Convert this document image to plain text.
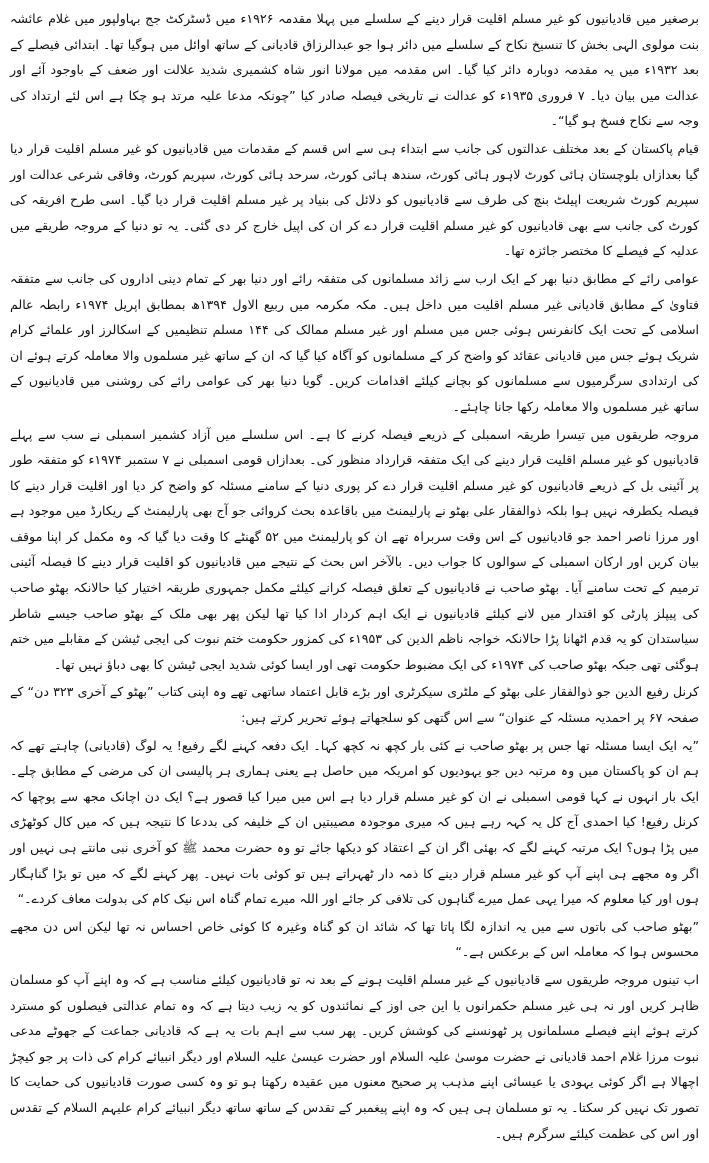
برصغیر میں قادیانیوں کو غیر مسلم اقلیت قرار دینے کے سلسلے میں پہلا مقدمہ ۱۹۲۶ء میں ڈسٹرکٹ جج بہاولپور میں غلام عائشہ بنت مولوی الہی بخش کا تنسیخ نکاح کے سلسلے میں دائر ہوا جو عبدالرزاق قادیانی کے ساتھ اوائل میں ہوگیا تھا۔ ابتدائی فیصلے کے بعد ۱۹۳۲ء میں یہ مقدمہ دوبارہ دائر کیا گیا۔ اس مقدمہ میں مولانا انور شاہ کشمیری شدید علالت اور ضعف کے باوجود آئے اور عدالت میں بیان دیا۔ ۷ فروری ۱۹۳۵ء کو عدالت نے تاریخی فیصلہ صادر کیا ”چونکہ مدعا علیہ مرتد ہو چکا ہے اس لئے ارتداد کی وجہ سے نکاح فسخ ہو گیا“۔

قیام پاکستان کے بعد مختلف عدالتوں کی جانب سے ابتداء ہی سے اس قسم کے مقدمات میں قادیانیوں کو غیر مسلم اقلیت قرار دیا گیا بعدازاں بلوچستان ہائی کورٹ لاہور ہائی کورٹ، سندھ ہائی کورٹ، سرحد ہائی کورٹ، سپریم کورٹ، وفاقی شرعی عدالت اور سپریم کورٹ شریعت اپیلٹ بنچ کی طرف سے قادیانیوں کو دلائل کی بنیاد پر غیر مسلم اقلیت قرار دیا گیا۔ اسی طرح افریقہ کی کورٹ کی جانب سے بھی قادیانیوں کو غیر مسلم اقلیت قرار دے کر ان کی اپیل خارج کر دی گئی۔ یہ تو دنیا کے مروجہ طریقے میں عدلیہ کے فیصلے کا مختصر جائزہ تھا۔

عوامی رائے کے مطابق دنیا بھر کے ایک ارب سے زائد مسلمانوں کی متفقہ رائے اور دنیا بھر کے تمام دینی اداروں کی جانب سے متفقہ فتاویٰ کے مطابق قادیانی غیر مسلم اقلیت میں داخل ہیں۔ مکہ مکرمہ میں ربیع الاول ۱۳۹۴ھ بمطابق اپریل ۱۹۷۴ء رابطہ عالم اسلامی کے تحت ایک کانفرنس ہوئی جس میں مسلم اور غیر مسلم ممالک کی ۱۴۴ مسلم تنظیمیں کے اسکالرز اور علمائے کرام شریک ہوئے جس میں قادیانی عقائد کو واضح کر کے مسلمانوں کو آگاہ کیا گیا کہ ان کے ساتھ غیر مسلموں والا معاملہ کرتے ہوئے ان کی ارتدادی سرگرمیوں سے مسلمانوں کو بچانے کیلئے اقدامات کریں۔ گویا دنیا بھر کی عوامی رائے کی روشنی میں قادیانیوں کے ساتھ غیر مسلموں والا معاملہ رکھا جانا چاہئے۔

مروجہ طریقوں میں تیسرا طریقہ اسمبلی کے ذریعے فیصلہ کرنے کا ہے۔ اس سلسلے میں آزاد کشمیر اسمبلی نے سب سے پہلے قادیانیوں کو غیر مسلم اقلیت قرار دینے کی ایک متفقہ قرارداد منظور کی۔ بعدازاں قومی اسمبلی نے ۷ ستمبر ۱۹۷۴ء کو متفقہ طور پر آئینی بل کے ذریعے قادیانیوں کو غیر مسلم اقلیت قرار دے کر پوری دنیا کے سامنے مسئلہ کو واضح کر دیا اور اقلیت قرار دینے کا فیصلہ یکطرفہ نہیں ہوا بلکہ ذوالفقار علی بھٹو نے پارلیمنٹ میں باقاعدہ بحث کروائی جو آج بھی پارلیمنٹ کے ریکارڈ میں موجود ہے اور مرزا ناصر احمد جو قادیانیوں کے اس وقت سربراہ تھے ان کو پارلیمنٹ میں ۵۲ گھنٹے کا وقت دیا گیا کہ وہ مکمل کر اپنا موقف بیان کریں اور ارکان اسمبلی کے سوالوں کا جواب دیں۔ بالآخر اس بحث کے نتیجے میں قادیانیوں کو اقلیت قرار دینے کا فیصلہ آئینی ترمیم کے تحت سامنے آیا۔ بھٹو صاحب نے قادیانیوں کے تعلق فیصلہ کرانے کیلئے مکمل جمہوری طریقہ اختیار کیا حالانکہ بھٹو صاحب کی پیپلز پارٹی کو اقتدار میں لانے کیلئے قادیانیوں نے ایک اہم کردار ادا کیا تھا لیکن پھر بھی ملک کے بھٹو صاحب جیسے شاطر سیاستدان کو یہ قدم اٹھانا پڑا حالانکہ خواجہ ناظم الدین کی ۱۹۵۳ء کی کمزور حکومت ختم نبوت کی ایجی ٹیشن کے مقابلے میں ختم ہوگئی تھی جبکہ بھٹو صاحب کی ۱۹۷۴ء کی ایک مضبوط حکومت تھی اور ایسا کوئی شدید ایجی ٹیشن کا بھی دباؤ نہیں تھا۔

کرنل رفیع الدین جو ذوالفقار علی بھٹو کے ملٹری سیکرٹری اور بڑے قابل اعتماد ساتھی تھے وہ اپنی کتاب ”بھٹو کے آخری ۳۲۳ دن“ کے صفحہ ۶۷ پر احمدیہ مسئلہ کے عنوان“ سے اس گتھی کو سلجھاتے ہوئے تحریر کرتے ہیں:

”یہ ایک ایسا مسئلہ تھا جس پر بھٹو صاحب نے کئی بار کچھ نہ کچھ کہا۔ ایک دفعہ کہنے لگے رفیع! یہ لوگ (قادیانی) چاہتے تھے کہ ہم ان کو پاکستان میں وہ مرتبہ دیں جو یہودیوں کو امریکہ میں حاصل ہے یعنی ہماری ہر پالیسی ان کی مرضی کے مطابق چلے۔ ایک بار انہوں نے کہا قومی اسمبلی نے ان کو غیر مسلم قرار دیا ہے اس میں میرا کیا قصور ہے؟ ایک دن اچانک مجھ سے پوچھا کہ کرنل رفیع! کیا احمدی آج کل یہ کہہ رہے ہیں کہ میری موجودہ مصیبتیں ان کے خلیفہ کی بددعا کا نتیجہ ہیں کہ میں کال کوٹھڑی میں پڑا ہوں؟ ایک مرتبہ کہنے لگے کہ بھئی اگر ان کے اعتقاد کو دیکھا جائے تو وہ حضرت محمد ﷺ کو آخری نبی مانتے ہی نہیں اور اگر وہ مجھے ہی اپنے آپ کو غیر مسلم قرار دینے کا ذمہ دار ٹھہراتے ہیں تو کوئی بات نہیں۔ پھر کہنے لگے کہ میں تو بڑا گناہگار ہوں اور کیا معلوم کہ میرا یہی عمل میرے گناہوں کی تلافی کر جائے اور اللہ میرے تمام گناہ اس نیک کام کی بدولت معاف کردے۔“

”بھٹو صاحب کی باتوں سے میں یہ اندازہ لگا پاتا تھا کہ شائد ان کو گناہ وغیرہ کا کوئی خاص احساس نہ تھا لیکن اس دن مجھے محسوس ہوا کہ معاملہ اس کے برعکس ہے۔“

اب تینوں مروجہ طریقوں سے قادیانیوں کے غیر مسلم اقلیت ہونے کے بعد نہ تو قادیانیوں کیلئے مناسب ہے کہ وہ اپنے آپ کو مسلمان ظاہر کریں اور نہ ہی غیر مسلم حکمرانوں یا این جی اوز کے نمائندوں کو یہ زیب دیتا ہے کہ وہ تمام عدالتی فیصلوں کو مسترد کرتے ہوئے اپنے فیصلے مسلمانوں پر ٹھونسنے کی کوشش کریں۔ پھر سب سے اہم بات یہ ہے کہ قادیانی جماعت کے جھوٹے مدعی نبوت مرزا غلام احمد قادیانی نے حضرت موسیٰ علیہ السلام اور حضرت عیسیٰ علیہ السلام اور دیگر انبیائے کرام کی ذات پر جو کیچڑ اچھالا ہے اگر کوئی یہودی یا عیسائی اپنے مذہب پر صحیح معنوں میں عقیدہ رکھتا ہو تو وہ کسی صورت قادیانیوں کی حمایت کا تصور تک نہیں کر سکتا۔ یہ تو مسلمان ہی ہیں کہ وہ اپنے پیغمبر کے تقدس کے ساتھ ساتھ دیگر انبیائے کرام علیہم السلام کے تقدس اور اس کی عظمت کیلئے سرگرم ہیں۔
